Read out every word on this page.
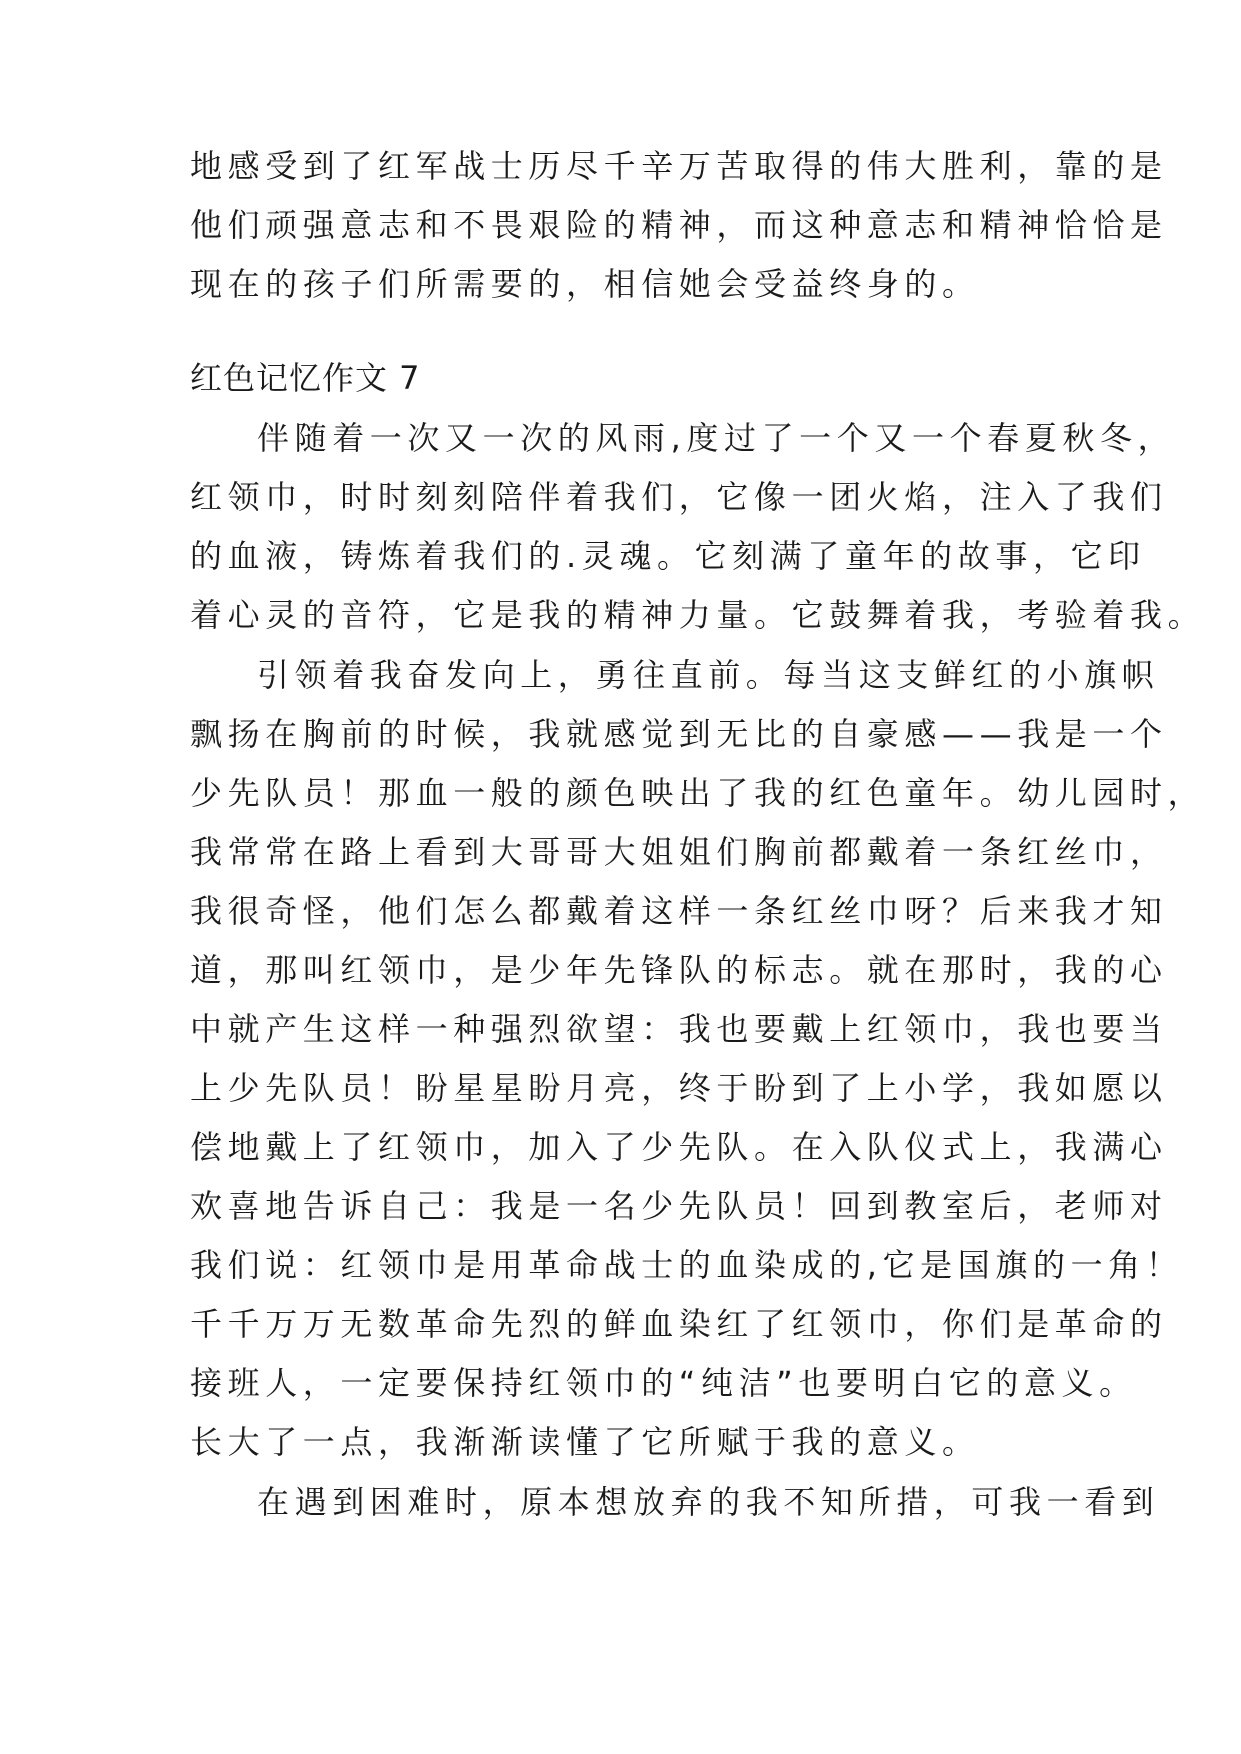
地感受到了红军战士历尽千辛万苦取得的伟大胜利，靠的是
他们顽强意志和不畏艰险的精神，而这种意志和精神恰恰是
现在的孩子们所需要的，相信她会受益终身的。
红色记忆作文 7
伴随着一次又一次的风雨,度过了一个又一个春夏秋冬，
红领巾，时时刻刻陪伴着我们，它像一团火焰，注入了我们
的血液，铸炼着我们的.灵魂。它刻满了童年的故事，它印
着心灵的音符，它是我的精神力量。它鼓舞着我，考验着我。
引领着我奋发向上，勇往直前。每当这支鲜红的小旗帜
飘扬在胸前的时候，我就感觉到无比的自豪感——我是一个
少先队员！那血一般的颜色映出了我的红色童年。幼儿园时，
我常常在路上看到大哥哥大姐姐们胸前都戴着一条红丝巾，
我很奇怪，他们怎么都戴着这样一条红丝巾呀？后来我才知
道，那叫红领巾，是少年先锋队的标志。就在那时，我的心
中就产生这样一种强烈欲望：我也要戴上红领巾，我也要当
上少先队员！盼星星盼月亮，终于盼到了上小学，我如愿以
偿地戴上了红领巾，加入了少先队。在入队仪式上，我满心
欢喜地告诉自己：我是一名少先队员！回到教室后，老师对
我们说：红领巾是用革命战士的血染成的,它是国旗的一角！
千千万万无数革命先烈的鲜血染红了红领巾，你们是革命的
接班人，一定要保持红领巾的“纯洁”也要明白它的意义。
长大了一点，我渐渐读懂了它所赋于我的意义。
在遇到困难时，原本想放弃的我不知所措，可我一看到
